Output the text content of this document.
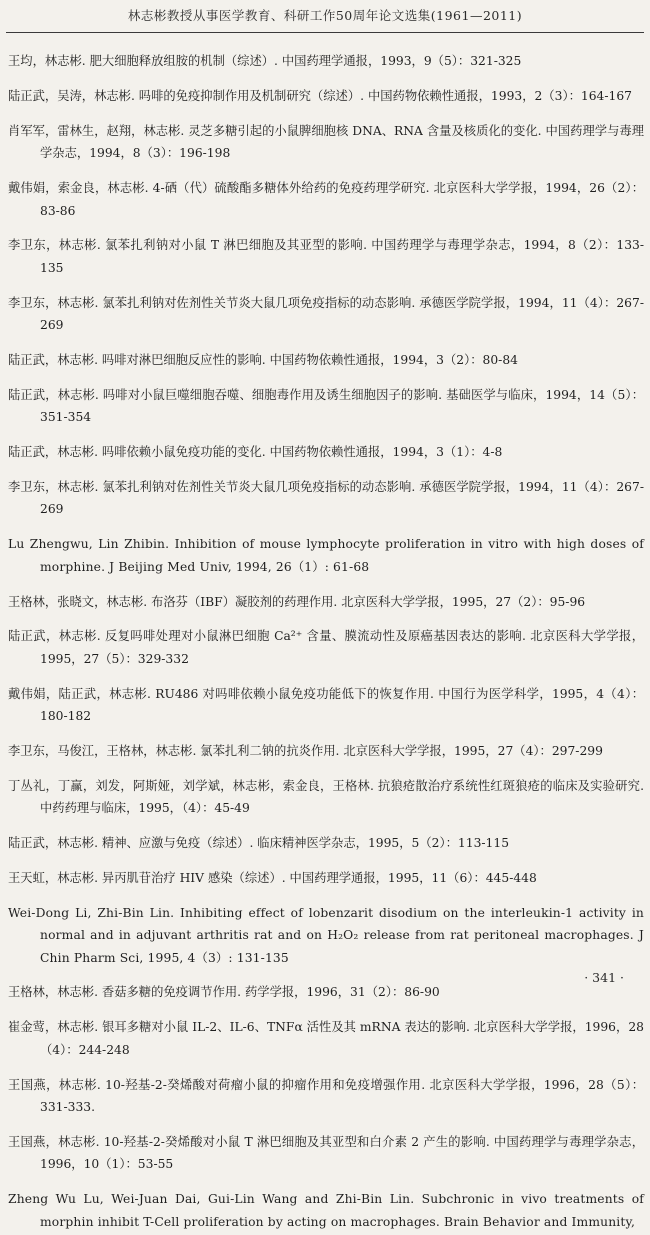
林志彬教授从事医学教育、科研工作50周年论文选集(1961—2011)

王均，林志彬. 肥大细胞释放组胺的机制（综述）. 中国药理学通报，1993，9（5）：321-325

陆正武，吴涛，林志彬. 吗啡的免疫抑制作用及机制研究（综述）. 中国药物依赖性通报，1993，2（3）：164-167

肖军军，雷林生，赵翔，林志彬. 灵芝多糖引起的小鼠脾细胞核 DNA、RNA 含量及核质化的变化. 中国药理学与毒理学杂志，1994，8（3）：196-198

戴伟娟，索金良，林志彬. 4-硒（代）硫酸酯多糖体外给药的免疫药理学研究. 北京医科大学学报，1994，26（2）：83-86

李卫东，林志彬. 氯苯扎利钠对小鼠 T 淋巴细胞及其亚型的影响. 中国药理学与毒理学杂志，1994，8（2）：133-135

李卫东，林志彬. 氯苯扎利钠对佐剂性关节炎大鼠几项免疫指标的动态影响. 承德医学院学报，1994，11（4）：267-269

陆正武，林志彬. 吗啡对淋巴细胞反应性的影响. 中国药物依赖性通报，1994，3（2）：80-84

陆正武，林志彬. 吗啡对小鼠巨噬细胞吞噬、细胞毒作用及诱生细胞因子的影响. 基础医学与临床，1994，14（5）：351-354

陆正武，林志彬. 吗啡依赖小鼠免疫功能的变化. 中国药物依赖性通报，1994，3（1）：4-8

李卫东，林志彬. 氯苯扎利钠对佐剂性关节炎大鼠几项免疫指标的动态影响. 承德医学院学报，1994，11（4）：267-269

Lu Zhengwu, Lin Zhibin. Inhibition of mouse lymphocyte proliferation in vitro with high doses of morphine. J Beijing Med Univ, 1994, 26（1）: 61-68

王格林，张晓文，林志彬. 布洛芬（IBF）凝胶剂的药理作用. 北京医科大学学报，1995，27（2）：95-96

陆正武，林志彬. 反复吗啡处理对小鼠淋巴细胞 Ca²⁺ 含量、膜流动性及原癌基因表达的影响. 北京医科大学学报，1995，27（5）：329-332

戴伟娟，陆正武，林志彬. RU486 对吗啡依赖小鼠免疫功能低下的恢复作用. 中国行为医学科学，1995，4（4）：180-182

李卫东，马俊江，王格林，林志彬. 氯苯扎利二钠的抗炎作用. 北京医科大学学报，1995，27（4）：297-299

丁丛礼，丁赢，刘发，阿斯娅，刘学斌，林志彬，索金良，王格林. 抗狼疮散治疗系统性红斑狼疮的临床及实验研究. 中药药理与临床，1995，（4）：45-49

陆正武，林志彬. 精神、应激与免疫（综述）. 临床精神医学杂志，1995，5（2）：113-115

王天虹，林志彬. 异丙肌苷治疗 HIV 感染（综述）. 中国药理学通报，1995，11（6）：445-448

Wei-Dong Li, Zhi-Bin Lin. Inhibiting effect of lobenzarit disodium on the interleukin-1 activity in normal and in adjuvant arthritis rat and on H₂O₂ release from rat peritoneal macrophages. J Chin Pharm Sci, 1995, 4（3）: 131-135

王格林，林志彬. 香菇多糖的免疫调节作用. 药学学报，1996，31（2）：86-90

崔金莺，林志彬. 银耳多糖对小鼠 IL-2、IL-6、TNFα 活性及其 mRNA 表达的影响. 北京医科大学学报，1996，28（4）：244-248

王国燕，林志彬. 10-羟基-2-癸烯酸对荷瘤小鼠的抑瘤作用和免疫增强作用. 北京医科大学学报，1996，28（5）：331-333.

王国燕，林志彬. 10-羟基-2-癸烯酸对小鼠 T 淋巴细胞及其亚型和白介素 2 产生的影响. 中国药理学与毒理学杂志，1996，10（1）：53-55

Zheng Wu Lu, Wei-Juan Dai, Gui-Lin Wang and Zhi-Bin Lin. Subchronic in vivo treatments of morphin inhibit T-Cell proliferation by acting on macrophages. Brain Behavior and Immunity,

· 341 ·
